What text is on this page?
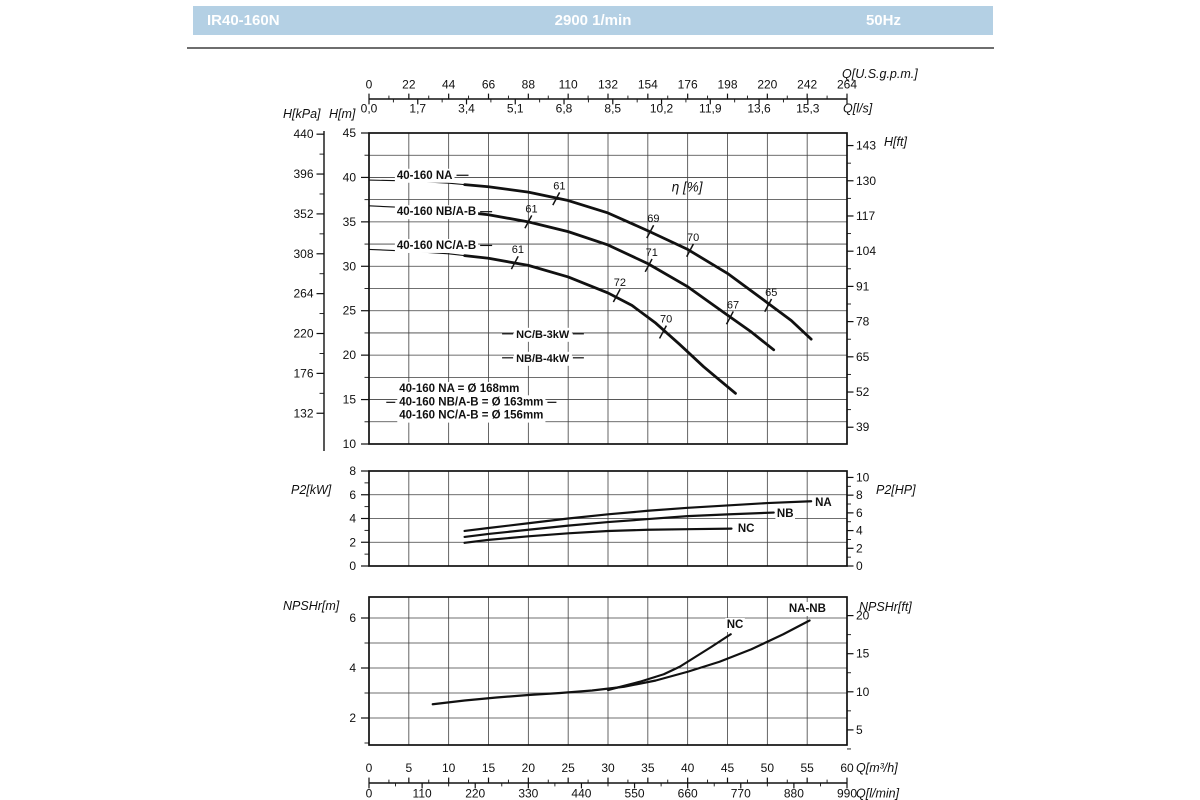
IR40-160N	2900 1/min	50Hz
0 22 44 66 88 110 132 154 176 198 220 242 264
Q[U.S.g.p.m.]
0,0	1,7	3,4	5,1	6,8	8,5 10,2 11,9 13,6 15,3 Q[l/s]
440
396
352
308
264
220
176
132
H[kPa] H[m]
45
40
35
30
25
20
15
10
143
130
117
104
91
78
65
52
39
H[ft]
40-160 NA
40-160 NB/A-B
40-160 NC/A-B
η [%]
61
69
70
65
61
71
67
61
72
70
NC/B-3kW
NB/B-4kW
40-160 NA = Ø 168mm
40-160 NB/A-B = Ø 163mm
40-160 NC/A-B = Ø 156mm
8
6
4
2
0
10
8
6
4
2
0
P2[kW]	P2[HP]
NA
NB
NC
6
4
2
20
15
10
5
NPSHr[m]	NPSHr[ft]
NA-NB
NC
0	5 10 15 20 25 30 35 40 45 50 55 60 Q[m³/h]
0	110	220	330	440	550	660	770	880	990
Q[l/min]
